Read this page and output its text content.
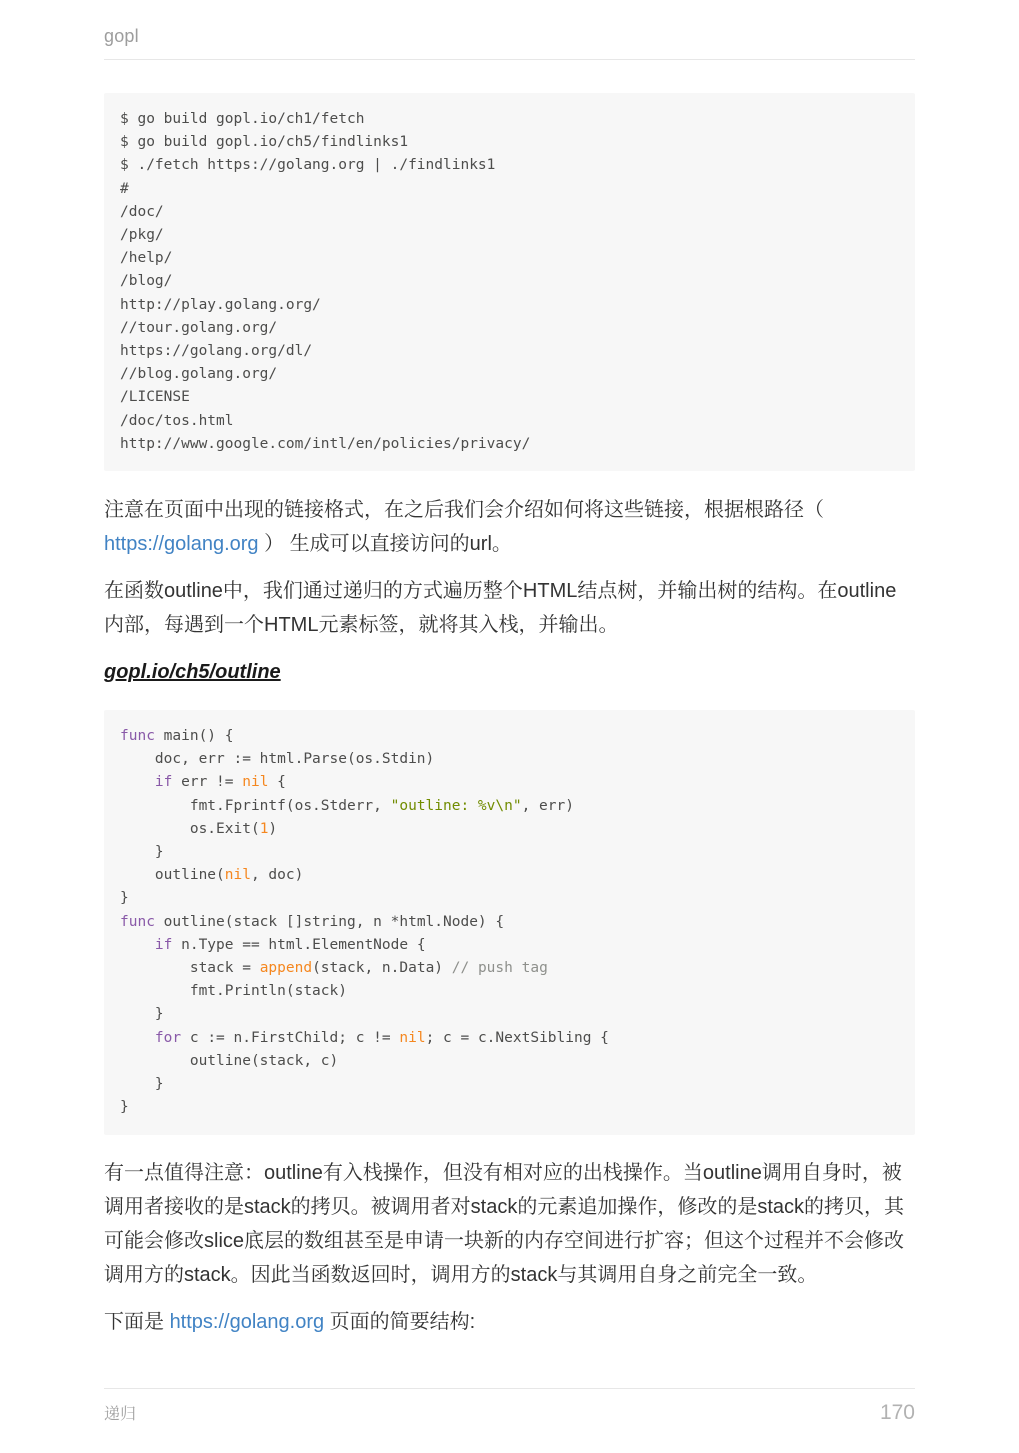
gopl
$ go build gopl.io/ch1/fetch
$ go build gopl.io/ch5/findlinks1
$ ./fetch https://golang.org | ./findlinks1
#
/doc/
/pkg/
/help/
/blog/
http://play.golang.org/
//tour.golang.org/
https://golang.org/dl/
//blog.golang.org/
/LICENSE
/doc/tos.html
http://www.google.com/intl/en/policies/privacy/

注意在页面中出现的链接格式，在之后我们会介绍如何将这些链接，根据根路径（ https://golang.org ） 生成可以直接访问的url。

在函数outline中，我们通过递归的方式遍历整个HTML结点树，并输出树的结构。在outline内部，每遇到一个HTML元素标签，就将其入栈，并输出。

gopl.io/ch5/outline

func main() {
doc, err := html.Parse(os.Stdin)
if err != nil {
fmt.Fprintf(os.Stderr, "outline: %v\n", err)
os.Exit(1)
}
outline(nil, doc)
}
func outline(stack []string, n *html.Node) {
if n.Type == html.ElementNode {
stack = append(stack, n.Data) // push tag
fmt.Println(stack)
}
for c := n.FirstChild; c != nil; c = c.NextSibling {
outline(stack, c)
}
}

有一点值得注意：outline有入栈操作，但没有相对应的出栈操作。当outline调用自身时，被调用者接收的是stack的拷贝。被调用者对stack的元素追加操作，修改的是stack的拷贝，其可能会修改slice底层的数组甚至是申请一块新的内存空间进行扩容；但这个过程并不会修改调用方的stack。因此当函数返回时，调用方的stack与其调用自身之前完全一致。

下面是 https://golang.org 页面的简要结构:

递归	170
